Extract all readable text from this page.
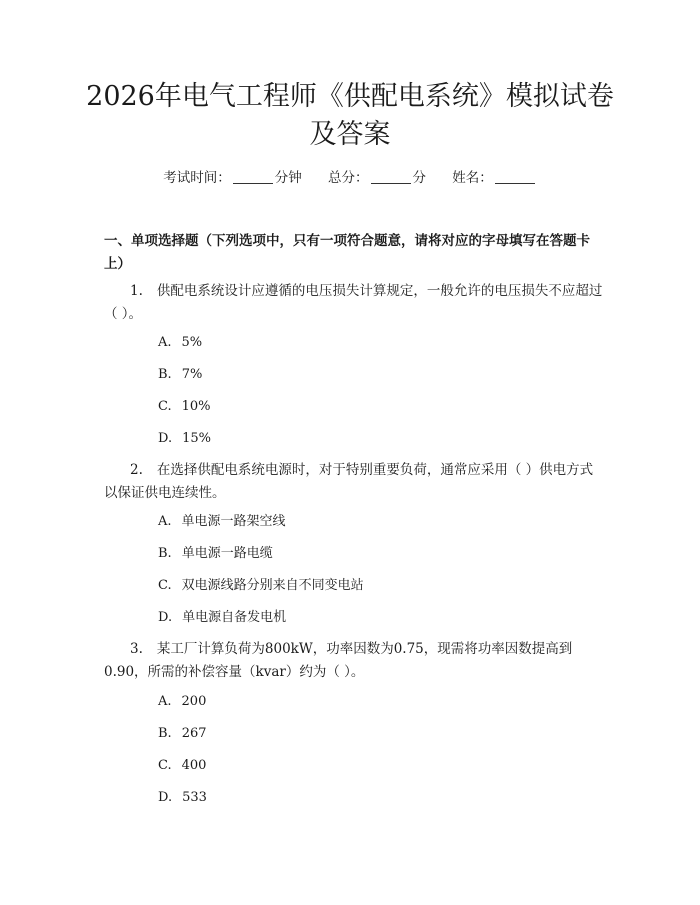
2026年电气工程师《供配电系统》模拟试卷
及答案
考试时间：	分钟 总分：	分 姓名：

一、单项选择题（下列选项中，只有一项符合题意，请将对应的字母填写在答题卡上）

1. 供配电系统设计应遵循的电压损失计算规定，一般允许的电压损失不应超过（ ）。

A. 5%
B. 7%
C. 10%
D. 15%

2. 在选择供配电系统电源时，对于特别重要负荷，通常应采用（ ）供电方式以保证供电连续性。

A. 单电源一路架空线
B. 单电源一路电缆
C. 双电源线路分别来自不同变电站
D. 单电源自备发电机

3. 某工厂计算负荷为800kW，功率因数为0.75，现需将功率因数提高到0.90，所需的补偿容量（kvar）约为（ ）。

A. 200
B. 267
C. 400
D. 533
